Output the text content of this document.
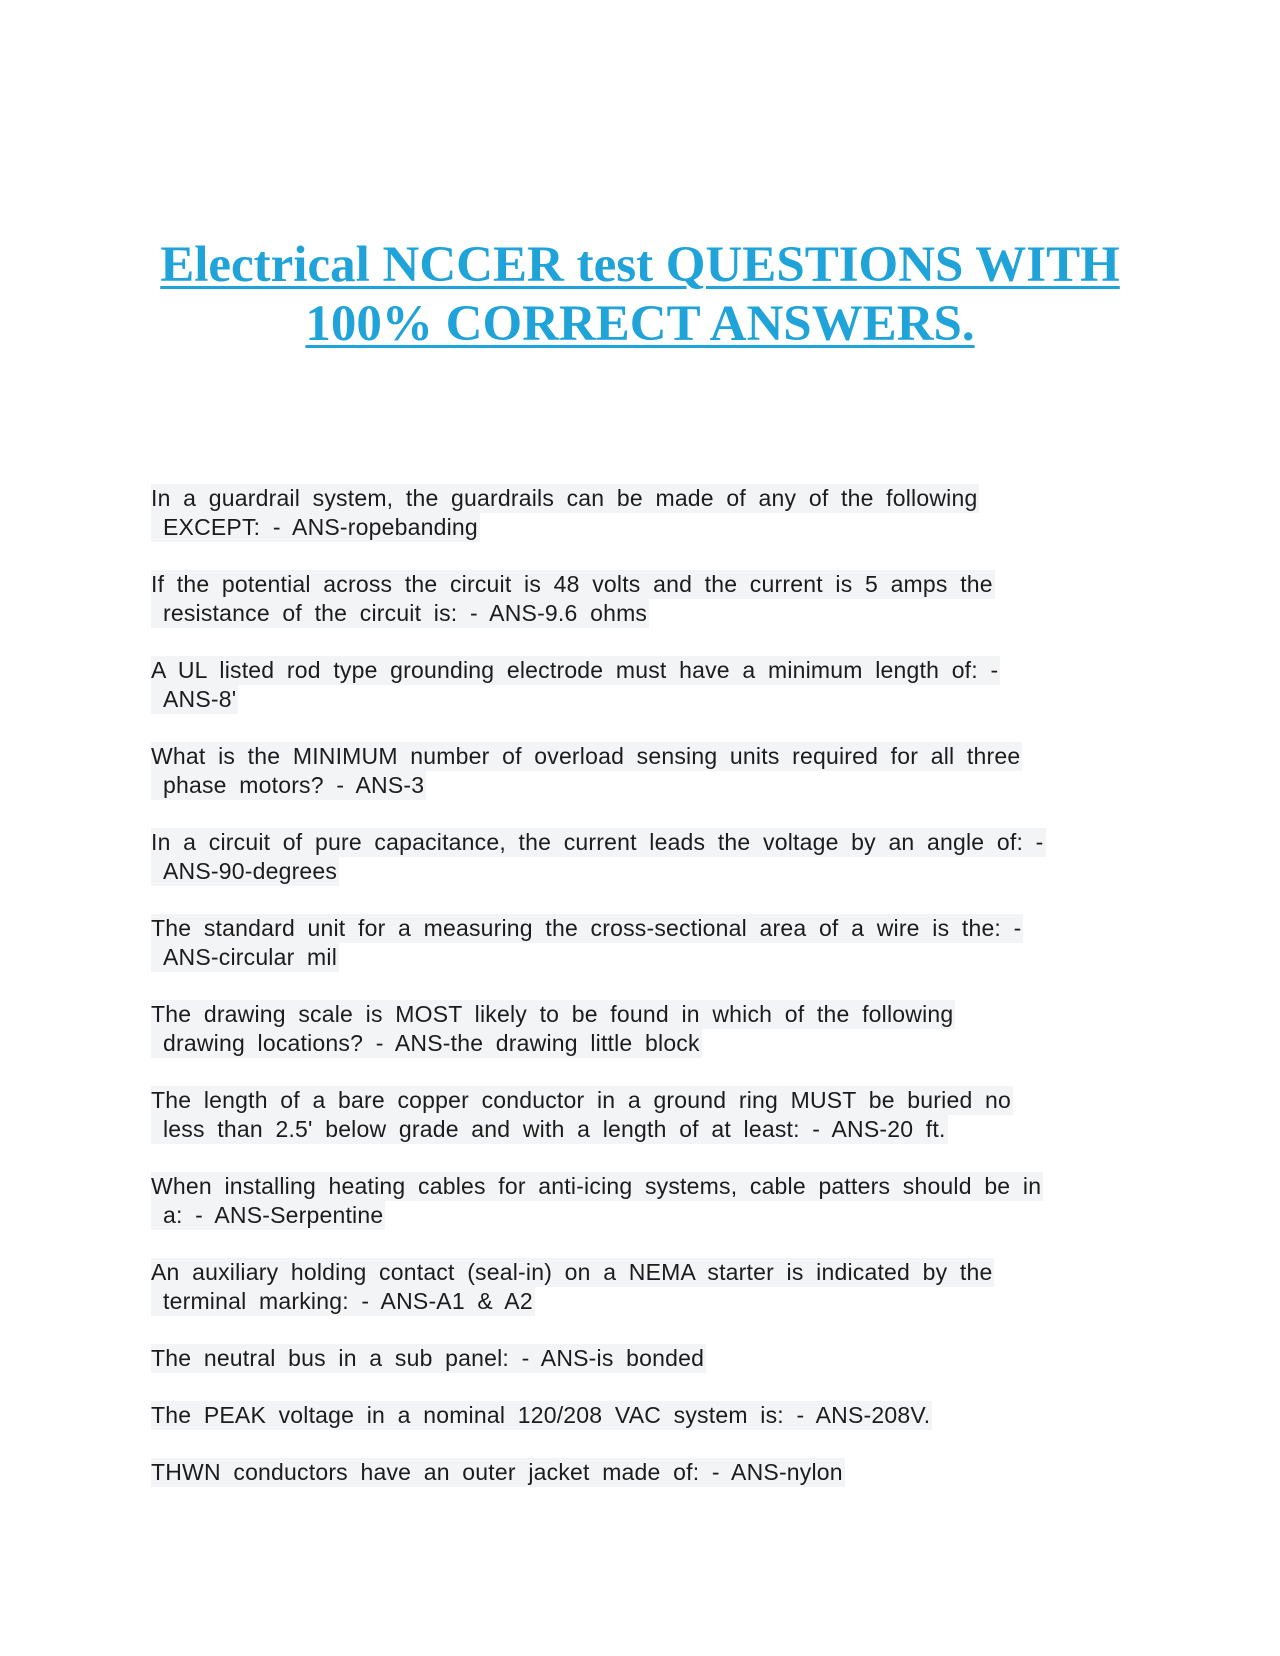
Electrical NCCER test QUESTIONS WITH
100% CORRECT ANSWERS.
In a guardrail system, the guardrails can be made of any of the following
EXCEPT: - ANS-ropebanding
If the potential across the circuit is 48 volts and the current is 5 amps the
resistance of the circuit is: - ANS-9.6 ohms
A UL listed rod type grounding electrode must have a minimum length of: -
ANS-8'
What is the MINIMUM number of overload sensing units required for all three
phase motors? - ANS-3
In a circuit of pure capacitance, the current leads the voltage by an angle of: -
ANS-90-degrees
The standard unit for a measuring the cross-sectional area of a wire is the: -
ANS-circular mil
The drawing scale is MOST likely to be found in which of the following
drawing locations? - ANS-the drawing little block
The length of a bare copper conductor in a ground ring MUST be buried no
less than 2.5' below grade and with a length of at least: - ANS-20 ft.
When installing heating cables for anti-icing systems, cable patters should be in
a: - ANS-Serpentine
An auxiliary holding contact (seal-in) on a NEMA starter is indicated by the
terminal marking: - ANS-A1 & A2
The neutral bus in a sub panel: - ANS-is bonded
The PEAK voltage in a nominal 120/208 VAC system is: - ANS-208V.
THWN conductors have an outer jacket made of: - ANS-nylon
